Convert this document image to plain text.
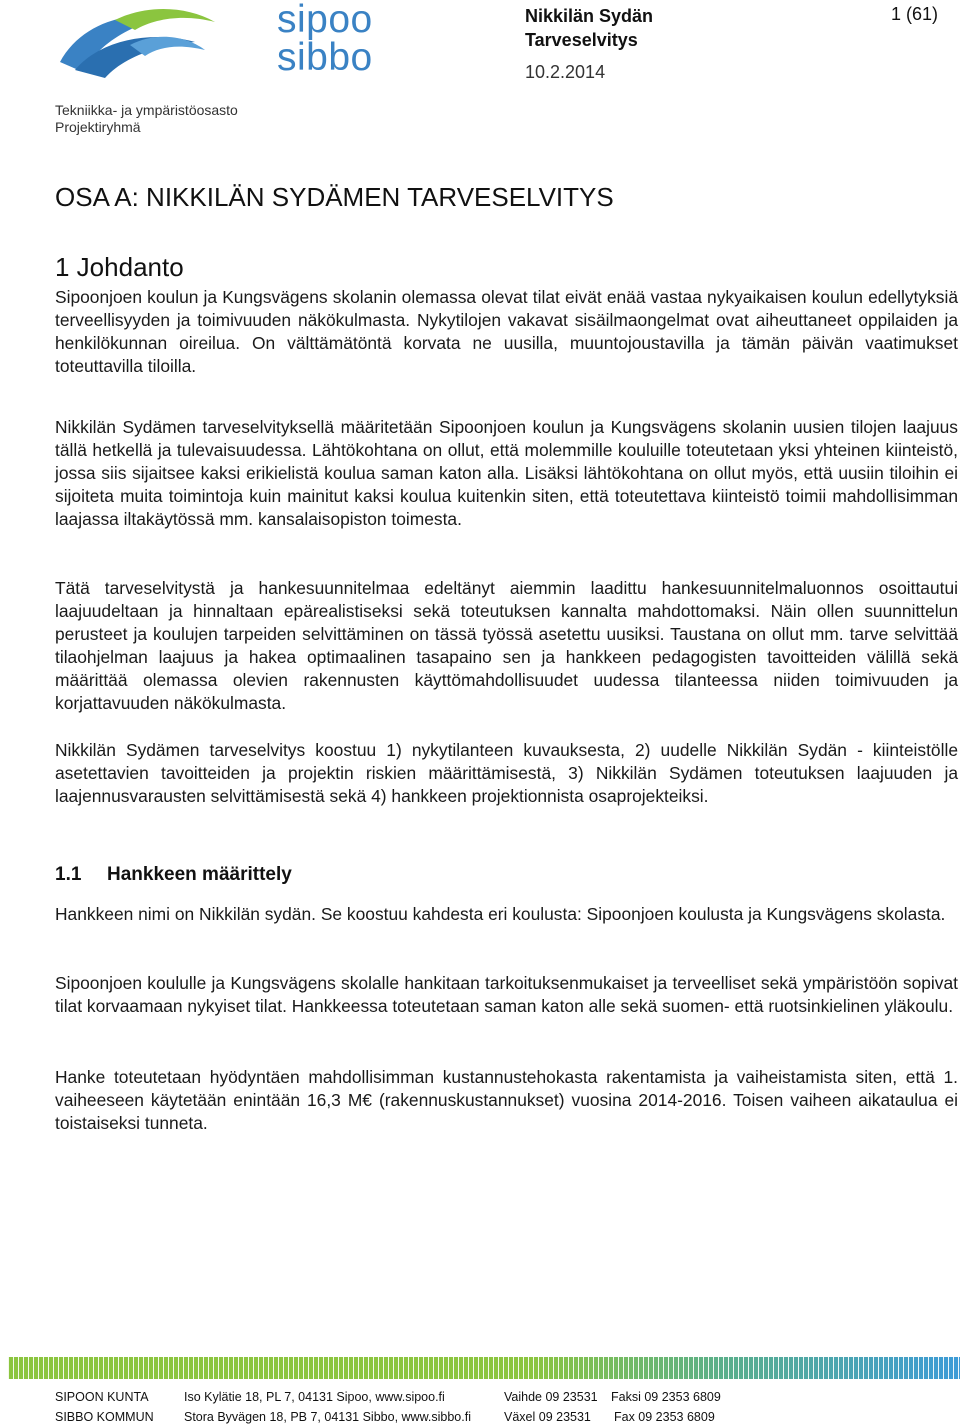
sipoo
sibbo
Tekniikka- ja ympäristöosasto
Projektiryhmä
Nikkilän Sydän
Tarveselvitys
10.2.2014
1 (61)
OSA A: NIKKILÄN SYDÄMEN TARVESELVITYS
1 Johdanto

Sipoonjoen koulun ja Kungsvägens skolanin olemassa olevat tilat eivät enää vastaa nykyaikaisen koulun edellytyksiä terveellisyyden ja toimivuuden näkökulmasta. Nykytilojen vakavat sisäilmaongelmat ovat aiheuttaneet oppilaiden ja henkilökunnan oireilua. On välttämätöntä korvata ne uusilla, muuntojoustavilla ja tämän päivän vaatimukset toteuttavilla tiloilla.

Nikkilän Sydämen tarveselvityksellä määritetään Sipoonjoen koulun ja Kungsvägens skolanin uusien tilojen laajuus tällä hetkellä ja tulevaisuudessa. Lähtökohtana on ollut, että molemmille kouluille toteutetaan yksi yhteinen kiinteistö, jossa siis sijaitsee kaksi erikielistä koulua saman katon alla. Lisäksi lähtökohtana on ollut myös, että uusiin tiloihin ei sijoiteta muita toimintoja kuin mainitut kaksi koulua kuitenkin siten, että toteutettava kiinteistö toimii mahdollisimman laajassa iltakäytössä mm. kansalaisopiston toimesta.

Tätä tarveselvitystä ja hankesuunnitelmaa edeltänyt aiemmin laadittu hankesuunnitelmaluonnos osoittautui laajuudeltaan ja hinnaltaan epärealistiseksi sekä toteutuksen kannalta mahdottomaksi. Näin ollen suunnittelun perusteet ja koulujen tarpeiden selvittäminen on tässä työssä asetettu uusiksi. Taustana on ollut mm. tarve selvittää tilaohjelman laajuus ja hakea optimaalinen tasapaino sen ja hankkeen pedagogisten tavoitteiden välillä sekä määrittää olemassa olevien rakennusten käyttömahdollisuudet uudessa tilanteessa niiden toimivuuden ja korjattavuuden näkökulmasta.

Nikkilän Sydämen tarveselvitys koostuu 1) nykytilanteen kuvauksesta, 2) uudelle Nikkilän Sydän - kiinteistölle asetettavien tavoitteiden ja projektin riskien määrittämisestä, 3) Nikkilän Sydämen toteutuksen laajuuden ja laajennusvarausten selvittämisestä sekä 4) hankkeen projektionnista osaprojekteiksi.

1.1 Hankkeen määrittely

Hankkeen nimi on Nikkilän sydän. Se koostuu kahdesta eri koulusta: Sipoonjoen koulusta ja Kungsvägens skolasta.

Sipoonjoen koululle ja Kungsvägens skolalle hankitaan tarkoituksenmukaiset ja terveelliset sekä ympäristöön sopivat tilat korvaamaan nykyiset tilat. Hankkeessa toteutetaan saman katon alle sekä suomen- että ruotsinkielinen yläkoulu.

Hanke toteutetaan hyödyntäen mahdollisimman kustannustehokasta rakentamista ja vaiheistamista siten, että 1. vaiheeseen käytetään enintään 16,3 M€ (rakennuskustannukset) vuosina 2014-2016. Toisen vaiheen aikataulua ei toistaiseksi tunneta.

SIPOON KUNTA	Iso Kylätie 18, PL 7, 04131 Sipoo, www.sipoo.fi	Vaihde 09 23531 Faksi 09 2353 6809
SIBBO KOMMUN Stora Byvägen 18, PB 7, 04131 Sibbo, www.sibbo.fi	Växel 09 23531 Fax 09 2353 6809
